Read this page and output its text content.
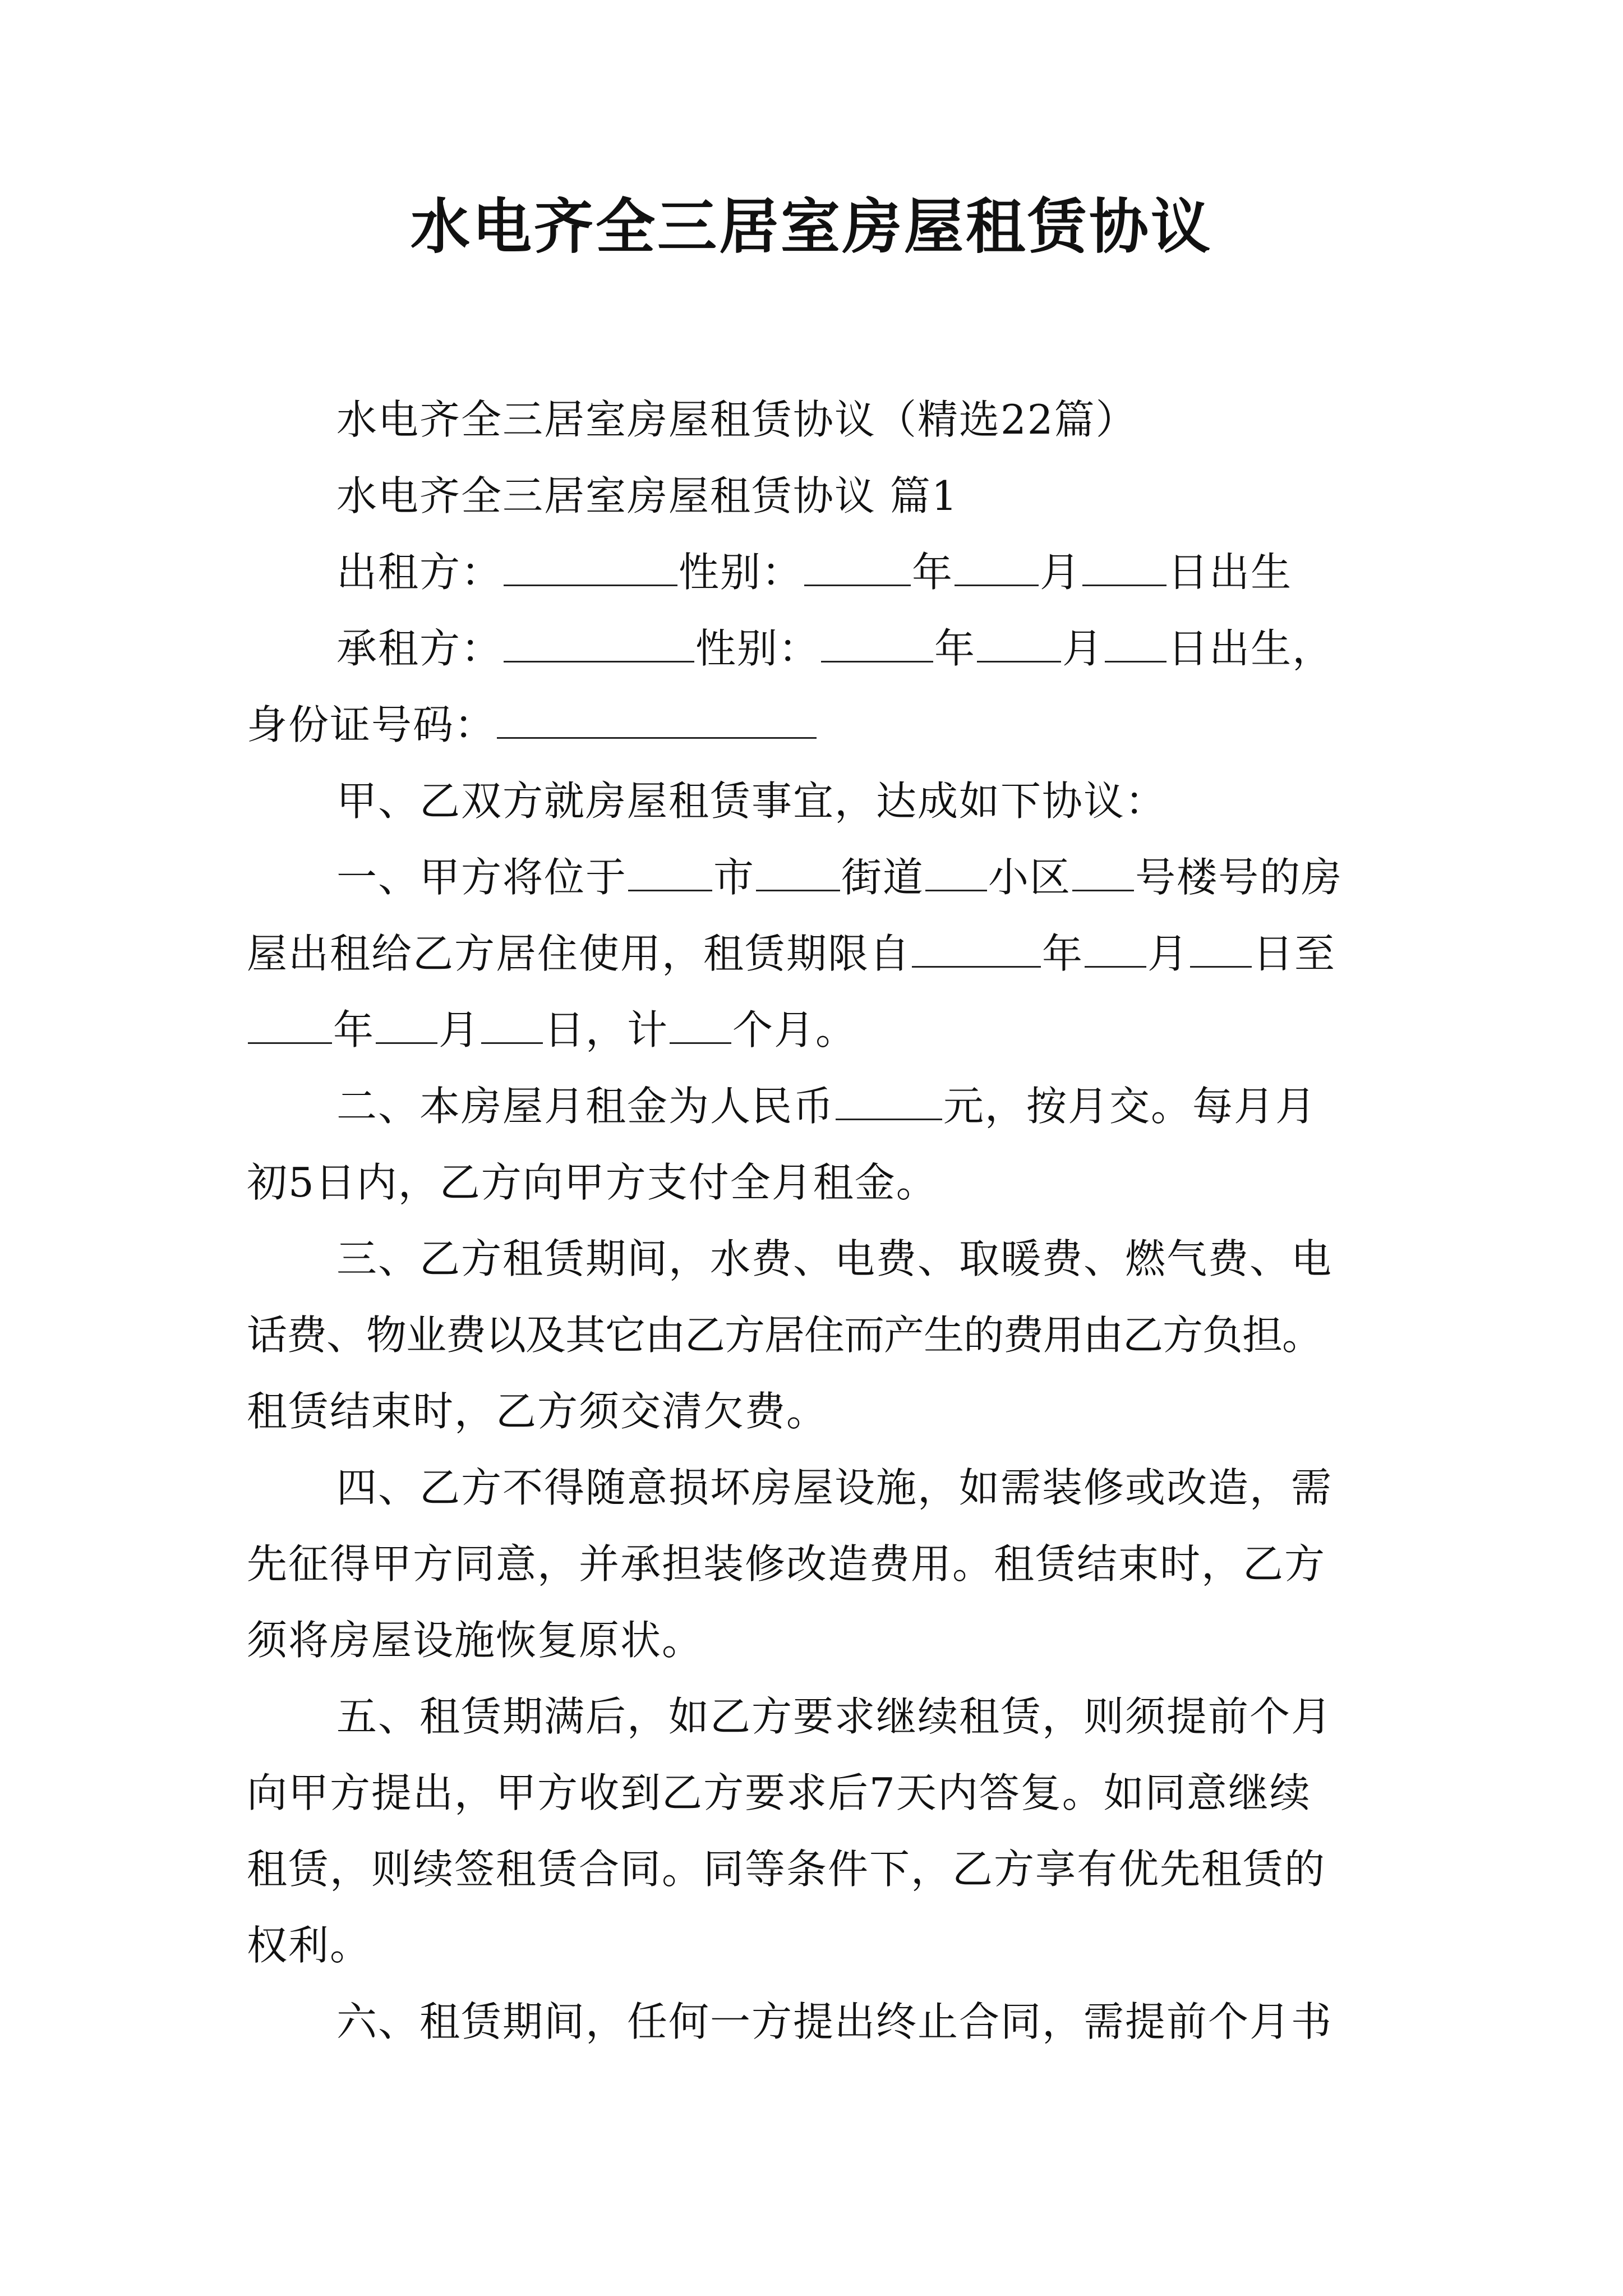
水电齐全三居室房屋租赁协议
水电齐全三居室房屋租赁协议（精选22篇）
水电齐全三居室房屋租赁协议 篇1
出租方：	性别：	年 月 日出生
承租方：	性别：	年 月 日出生，
身份证号码：
甲、乙双方就房屋租赁事宜，达成如下协议：
一、甲方将位于 市 街道 小区 号楼号的房
屋出租给乙方居住使用，租赁期限自	年 月 日至
年 月 日，计 个月。
二、本房屋月租金为人民币	元，按月交。每月月
初5日内，乙方向甲方支付全月租金。
三、乙方租赁期间，水费、电费、取暖费、燃气费、电
话费、物业费以及其它由乙方居住而产生的费用由乙方负担。
租赁结束时，乙方须交清欠费。
四、乙方不得随意损坏房屋设施，如需装修或改造，需
先征得甲方同意，并承担装修改造费用。租赁结束时，乙方
须将房屋设施恢复原状。
五、租赁期满后，如乙方要求继续租赁，则须提前个月
向甲方提出，甲方收到乙方要求后7天内答复。如同意继续
租赁，则续签租赁合同。同等条件下，乙方享有优先租赁的
权利。
六、租赁期间，任何一方提出终止合同，需提前个月书
